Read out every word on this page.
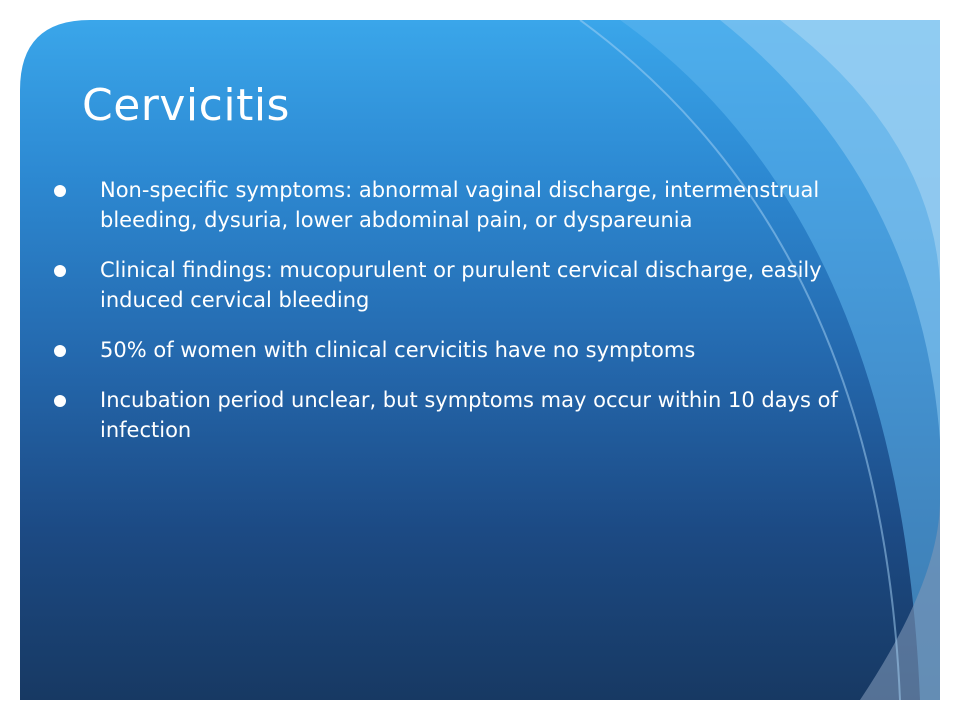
Cervicitis
Non-specific symptoms: abnormal vaginal discharge, intermenstrual bleeding, dysuria, lower abdominal pain, or dyspareunia
Clinical findings: mucopurulent or purulent cervical discharge, easily induced cervical bleeding
50% of women with clinical cervicitis have no symptoms
Incubation period unclear, but symptoms may occur within 10 days of infection
